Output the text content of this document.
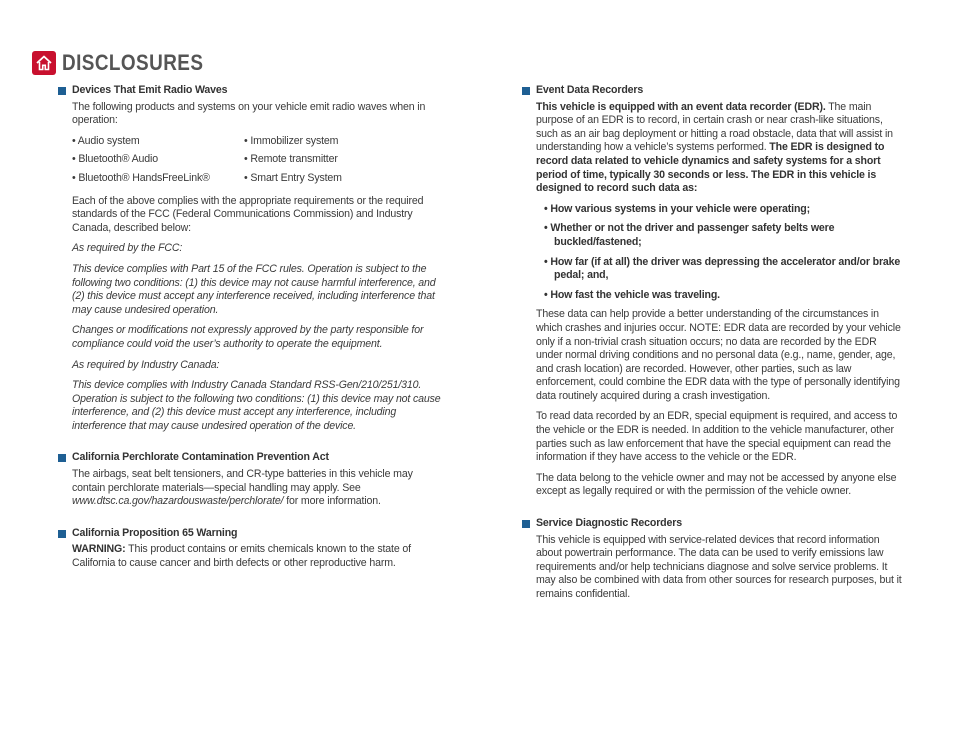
DISCLOSURES
Devices That Emit Radio Waves

The following products and systems on your vehicle emit radio waves when in operation:

• Audio system	• Immobilizer system
• Bluetooth® Audio	• Remote transmitter
• Bluetooth® HandsFreeLink®	• Smart Entry System

Each of the above complies with the appropriate requirements or the required standards of the FCC (Federal Communications Commission) and Industry Canada, described below:

As required by the FCC:

This device complies with Part 15 of the FCC rules. Operation is subject to the following two conditions: (1) this device may not cause harmful interference, and (2) this device must accept any interference received, including interference that may cause undesired operation.

Changes or modifications not expressly approved by the party responsible for compliance could void the user’s authority to operate the equipment.

As required by Industry Canada:

This device complies with Industry Canada Standard RSS-Gen/210/251/310. Operation is subject to the following two conditions: (1) this device may not cause interference, and (2) this device must accept any interference, including interference that may cause undesired operation of the device.

California Perchlorate Contamination Prevention Act

The airbags, seat belt tensioners, and CR-type batteries in this vehicle may contain perchlorate materials—special handling may apply. See www.dtsc.ca.gov/hazardouswaste/perchlorate/ for more information.

California Proposition 65 Warning

WARNING: This product contains or emits chemicals known to the state of California to cause cancer and birth defects or other reproductive harm.

Event Data Recorders

This vehicle is equipped with an event data recorder (EDR). The main purpose of an EDR is to record, in certain crash or near crash-like situations, such as an air bag deployment or hitting a road obstacle, data that will assist in understanding how a vehicle’s systems performed. The EDR is designed to record data related to vehicle dynamics and safety systems for a short period of time, typically 30 seconds or less. The EDR in this vehicle is designed to record such data as:

• How various systems in your vehicle were operating;

• Whether or not the driver and passenger safety belts were buckled/fastened;

• How far (if at all) the driver was depressing the accelerator and/or brake pedal; and,

• How fast the vehicle was traveling.

These data can help provide a better understanding of the circumstances in which crashes and injuries occur. NOTE: EDR data are recorded by your vehicle only if a non-trivial crash situation occurs; no data are recorded by the EDR under normal driving conditions and no personal data (e.g., name, gender, age, and crash location) are recorded. However, other parties, such as law enforcement, could combine the EDR data with the type of personally identifying data routinely acquired during a crash investigation.

To read data recorded by an EDR, special equipment is required, and access to the vehicle or the EDR is needed. In addition to the vehicle manufacturer, other parties such as law enforcement that have the special equipment can read the information if they have access to the vehicle or the EDR.

The data belong to the vehicle owner and may not be accessed by anyone else except as legally required or with the permission of the vehicle owner.

Service Diagnostic Recorders

This vehicle is equipped with service-related devices that record information about powertrain performance. The data can be used to verify emissions law requirements and/or help technicians diagnose and solve service problems. It may also be combined with data from other sources for research purposes, but it remains confidential.
